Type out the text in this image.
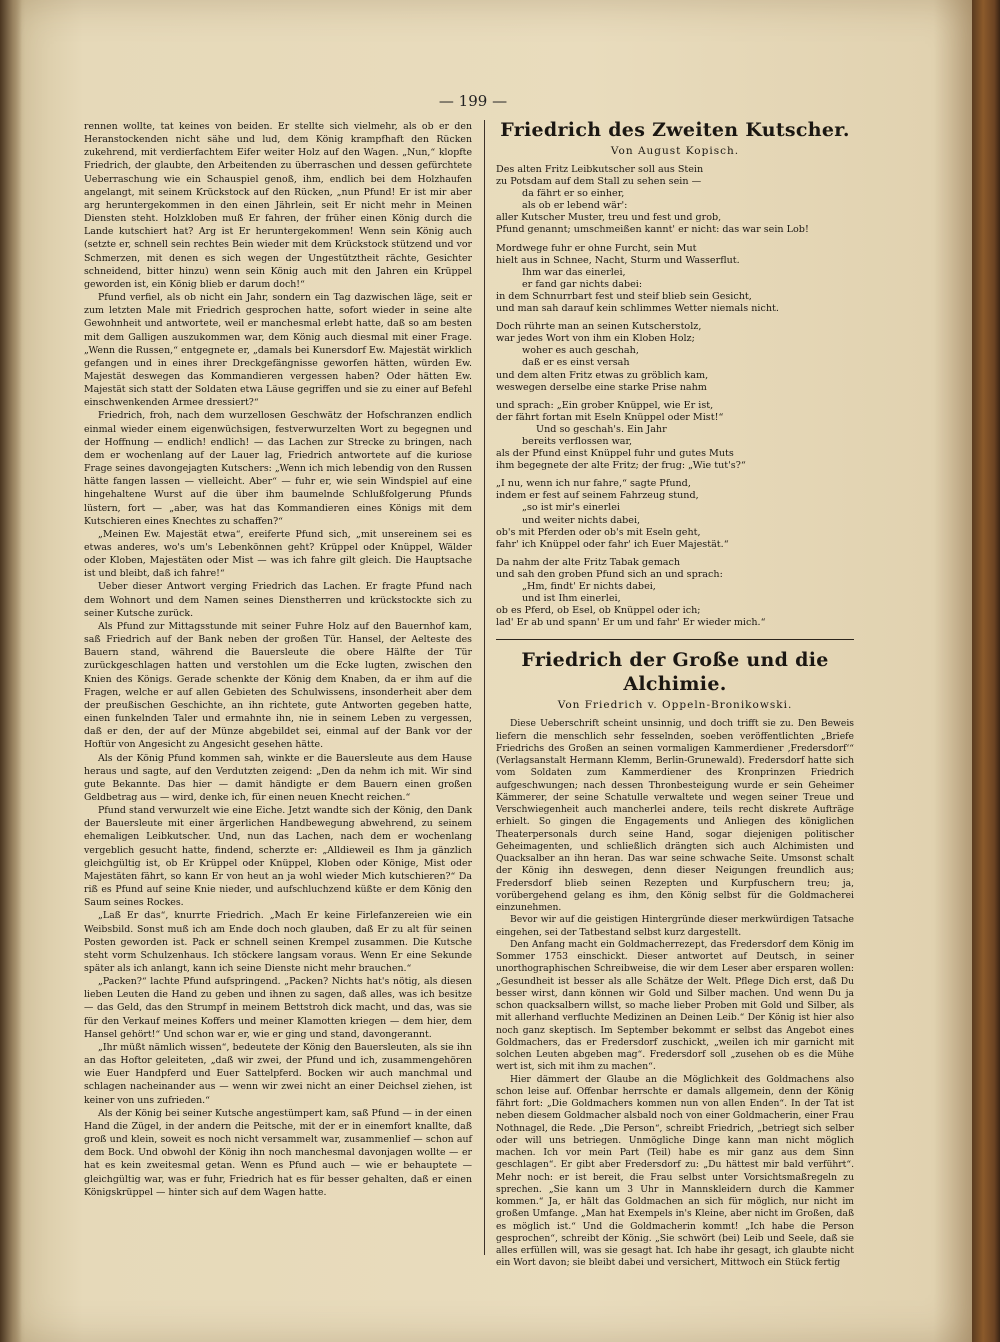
— 199 —

rennen wollte, tat keines von beiden. Er stellte sich vielmehr, als ob er den Heranstockenden nicht sähe und lud, dem König krampfhaft den Rücken zukehrend, mit verdierfachtem Eifer weiter Holz auf den Wagen. „Nun,“ klopfte Friedrich, der glaubte, den Arbeitenden zu überraschen und dessen gefürchtete Ueberraschung wie ein Schauspiel genoß, ihm, endlich bei dem Holzhaufen angelangt, mit seinem Krückstock auf den Rücken, „nun Pfund! Er ist mir aber arg heruntergekommen in den einen Jährlein, seit Er nicht mehr in Meinen Diensten steht. Holzkloben muß Er fahren, der früher einen König durch die Lande kutschiert hat? Arg ist Er heruntergekommen! Wenn sein König auch (setzte er, schnell sein rechtes Bein wieder mit dem Krückstock stützend und vor Schmerzen, mit denen es sich wegen der Ungestütztheit rächte, Gesichter schneidend, bitter hinzu) wenn sein König auch mit den Jahren ein Krüppel geworden ist, ein König blieb er darum doch!“

Pfund verfiel, als ob nicht ein Jahr, sondern ein Tag dazwischen läge, seit er zum letzten Male mit Friedrich gesprochen hatte, sofort wieder in seine alte Gewohnheit und antwortete, weil er manchesmal erlebt hatte, daß so am besten mit dem Galligen auszukommen war, dem König auch diesmal mit einer Frage. „Wenn die Russen,“ entgegnete er, „damals bei Kunersdorf Ew. Majestät wirklich gefangen und in eines ihrer Dreckgefängnisse geworfen hätten, würden Ew. Majestät deswegen das Kommandieren vergessen haben? Oder hätten Ew. Majestät sich statt der Soldaten etwa Läuse gegriffen und sie zu einer auf Befehl einschwenkenden Armee dressiert?“

Friedrich, froh, nach dem wurzellosen Geschwätz der Hofschranzen endlich einmal wieder einem eigenwüchsigen, festverwurzelten Wort zu begegnen und der Hoffnung — endlich! endlich! — das Lachen zur Strecke zu bringen, nach dem er wochenlang auf der Lauer lag, Friedrich antwortete auf die kuriose Frage seines davongejagten Kutschers: „Wenn ich mich lebendig von den Russen hätte fangen lassen — vielleicht. Aber“ — fuhr er, wie sein Windspiel auf eine hingehaltene Wurst auf die über ihm baumelnde Schlußfolgerung Pfunds lüstern, fort — „aber, was hat das Kommandieren eines Königs mit dem Kutschieren eines Knechtes zu schaffen?“

„Meinen Ew. Majestät etwa“, ereiferte Pfund sich, „mit unsereinem sei es etwas anderes, wo's um's Lebenkönnen geht? Krüppel oder Knüppel, Wälder oder Kloben, Majestäten oder Mist — was ich fahre gilt gleich. Die Hauptsache ist und bleibt, daß ich fahre!“

Ueber dieser Antwort verging Friedrich das Lachen. Er fragte Pfund nach dem Wohnort und dem Namen seines Dienstherren und krückstockte sich zu seiner Kutsche zurück.

Als Pfund zur Mittagsstunde mit seiner Fuhre Holz auf den Bauernhof kam, saß Friedrich auf der Bank neben der großen Tür. Hansel, der Aelteste des Bauern stand, während die Bauersleute die obere Hälfte der Tür zurückgeschlagen hatten und verstohlen um die Ecke lugten, zwischen den Knien des Königs. Gerade schenkte der König dem Knaben, da er ihm auf die Fragen, welche er auf allen Gebieten des Schulwissens, insonderheit aber dem der preußischen Geschichte, an ihn richtete, gute Antworten gegeben hatte, einen funkelnden Taler und ermahnte ihn, nie in seinem Leben zu vergessen, daß er den, der auf der Münze abgebildet sei, einmal auf der Bank vor der Hoftür von Angesicht zu Angesicht gesehen hätte.

Als der König Pfund kommen sah, winkte er die Bauersleute aus dem Hause heraus und sagte, auf den Verdutzten zeigend: „Den da nehm ich mit. Wir sind gute Bekannte. Das hier — damit händigte er dem Bauern einen großen Geldbetrag aus — wird, denke ich, für einen neuen Knecht reichen.“

Pfund stand verwurzelt wie eine Eiche. Jetzt wandte sich der König, den Dank der Bauersleute mit einer ärgerlichen Handbewegung abwehrend, zu seinem ehemaligen Leibkutscher. Und, nun das Lachen, nach dem er wochenlang vergeblich gesucht hatte, findend, scherzte er: „Alldieweil es Ihm ja gänzlich gleichgültig ist, ob Er Krüppel oder Knüppel, Kloben oder Könige, Mist oder Majestäten fährt, so kann Er von heut an ja wohl wieder Mich kutschieren?“ Da riß es Pfund auf seine Knie nieder, und aufschluchzend küßte er dem König den Saum seines Rockes.

„Laß Er das“, knurrte Friedrich. „Mach Er keine Firlefanzereien wie ein Weibsbild. Sonst muß ich am Ende doch noch glauben, daß Er zu alt für seinen Posten geworden ist. Pack er schnell seinen Krempel zusammen. Die Kutsche steht vorm Schulzenhaus. Ich stöckere langsam voraus. Wenn Er eine Sekunde später als ich anlangt, kann ich seine Dienste nicht mehr brauchen.“

„Packen?“ lachte Pfund aufspringend. „Packen? Nichts hat's nötig, als diesen lieben Leuten die Hand zu geben und ihnen zu sagen, daß alles, was ich besitze — das Geld, das den Strumpf in meinem Bettstroh dick macht, und das, was sie für den Verkauf meines Koffers und meiner Klamotten kriegen — dem hier, dem Hansel gehört!“ Und schon war er, wie er ging und stand, davongerannt.

„Ihr müßt nämlich wissen“, bedeutete der König den Bauersleuten, als sie ihn an das Hoftor geleiteten, „daß wir zwei, der Pfund und ich, zusammengehören wie Euer Handpferd und Euer Sattelpferd. Bocken wir auch manchmal und schlagen nacheinander aus — wenn wir zwei nicht an einer Deichsel ziehen, ist keiner von uns zufrieden.“

Als der König bei seiner Kutsche angestümpert kam, saß Pfund — in der einen Hand die Zügel, in der andern die Peitsche, mit der er in einemfort knallte, daß groß und klein, soweit es noch nicht versammelt war, zusammenlief — schon auf dem Bock. Und obwohl der König ihn noch manchesmal davonjagen wollte — er hat es kein zweitesmal getan. Wenn es Pfund auch — wie er behauptete — gleichgültig war, was er fuhr, Friedrich hat es für besser gehalten, daß er einen Königskrüppel — hinter sich auf dem Wagen hatte.

Friedrich des Zweiten Kutscher.
Von August Kopisch.
Des alten Fritz Leibkutscher soll aus Stein
zu Potsdam auf dem Stall zu sehen sein —
da fährt er so einher,
als ob er lebend wär':
aller Kutscher Muster, treu und fest und grob,
Pfund genannt; umschmeißen kannt' er nicht: das war sein Lob!
Mordwege fuhr er ohne Furcht, sein Mut
hielt aus in Schnee, Nacht, Sturm und Wasserflut.
Ihm war das einerlei,
er fand gar nichts dabei:
in dem Schnurrbart fest und steif blieb sein Gesicht,
und man sah darauf kein schlimmes Wetter niemals nicht.
Doch rührte man an seinen Kutscherstolz,
war jedes Wort von ihm ein Kloben Holz;
woher es auch geschah,
daß er es einst versah
und dem alten Fritz etwas zu gröblich kam,
weswegen derselbe eine starke Prise nahm
und sprach: „Ein grober Knüppel, wie Er ist,
der fährt fortan mit Eseln Knüppel oder Mist!“
Und so geschah's. Ein Jahr
bereits verflossen war,
als der Pfund einst Knüppel fuhr und gutes Muts
ihm begegnete der alte Fritz; der frug: „Wie tut's?“
„I nu, wenn ich nur fahre,“ sagte Pfund,
indem er fest auf seinem Fahrzeug stund,
„so ist mir's einerlei
und weiter nichts dabei,
ob's mit Pferden oder ob's mit Eseln geht,
fahr' ich Knüppel oder fahr' ich Euer Majestät.“
Da nahm der alte Fritz Tabak gemach
und sah den groben Pfund sich an und sprach:
„Hm, findt' Er nichts dabei,
und ist Ihm einerlei,
ob es Pferd, ob Esel, ob Knüppel oder ich;
lad' Er ab und spann' Er um und fahr' Er wieder mich.“
Friedrich der Große und die Alchimie.
Von Friedrich v. Oppeln-Bronikowski.

Diese Ueberschrift scheint unsinnig, und doch trifft sie zu. Den Beweis liefern die menschlich sehr fesselnden, soeben veröffentlichten „Briefe Friedrichs des Großen an seinen vormaligen Kammerdiener ‚Fredersdorf‘“ (Verlagsanstalt Hermann Klemm, Berlin-Grunewald). Fredersdorf hatte sich vom Soldaten zum Kammerdiener des Kronprinzen Friedrich aufgeschwungen; nach dessen Thronbesteigung wurde er sein Geheimer Kämmerer, der seine Schatulle verwaltete und wegen seiner Treue und Verschwiegenheit auch mancherlei andere, teils recht diskrete Aufträge erhielt. So gingen die Engagements und Anliegen des königlichen Theaterpersonals durch seine Hand, sogar diejenigen politischer Geheimagenten, und schließlich drängten sich auch Alchimisten und Quacksalber an ihn heran. Das war seine schwache Seite. Umsonst schalt der König ihn deswegen, denn dieser Neigungen freundlich aus; Fredersdorf blieb seinen Rezepten und Kurpfuschern treu; ja, vorübergehend gelang es ihm, den König selbst für die Goldmacherei einzunehmen.

Bevor wir auf die geistigen Hintergründe dieser merkwürdigen Tatsache eingehen, sei der Tatbestand selbst kurz dargestellt.

Den Anfang macht ein Goldmacherrezept, das Fredersdorf dem König im Sommer 1753 einschickt. Dieser antwortet auf Deutsch, in seiner unorthographischen Schreibweise, die wir dem Leser aber ersparen wollen: „Gesundheit ist besser als alle Schätze der Welt. Pflege Dich erst, daß Du besser wirst, dann können wir Gold und Silber machen. Und wenn Du ja schon quacksalbern willst, so mache lieber Proben mit Gold und Silber, als mit allerhand verfluchte Medizinen an Deinen Leib.“ Der König ist hier also noch ganz skeptisch. Im September bekommt er selbst das Angebot eines Goldmachers, das er Fredersdorf zuschickt, „weilen ich mir garnicht mit solchen Leuten abgeben mag“. Fredersdorf soll „zusehen ob es die Mühe wert ist, sich mit ihm zu machen“.

Hier dämmert der Glaube an die Möglichkeit des Goldmachens also schon leise auf. Offenbar herrschte er damals allgemein, denn der König fährt fort: „Die Goldmachers kommen nun von allen Enden“. In der Tat ist neben diesem Goldmacher alsbald noch von einer Goldmacherin, einer Frau Nothnagel, die Rede. „Die Person“, schreibt Friedrich, „betriegt sich selber oder will uns betriegen. Unmögliche Dinge kann man nicht möglich machen. Ich vor mein Part (Teil) habe es mir ganz aus dem Sinn geschlagen“. Er gibt aber Fredersdorf zu: „Du hättest mir bald verführt“. Mehr noch: er ist bereit, die Frau selbst unter Vorsichtsmaßregeln zu sprechen. „Sie kann um 3 Uhr in Mannskleidern durch die Kammer kommen.“ Ja, er hält das Goldmachen an sich für möglich, nur nicht im großen Umfange. „Man hat Exempels in's Kleine, aber nicht im Großen, daß es möglich ist.“ Und die Goldmacherin kommt! „Ich habe die Person gesprochen“, schreibt der König. „Sie schwört (bei) Leib und Seele, daß sie alles erfüllen will, was sie gesagt hat. Ich habe ihr gesagt, ich glaubte nicht ein Wort davon; sie bleibt dabei und versichert, Mittwoch ein Stück fertig
